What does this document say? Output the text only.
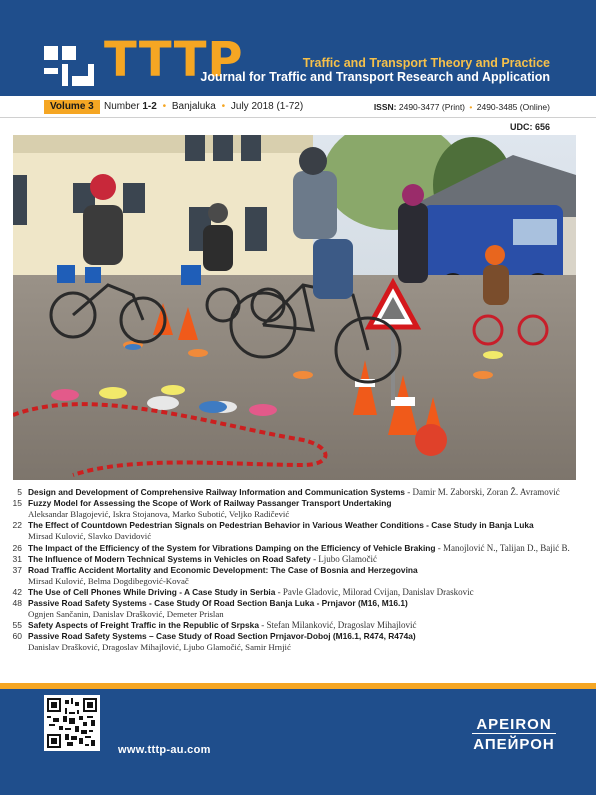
TTTP	Traffic and Transport Theory and Practice
Journal for Traffic and Transport Research and Application
Volume 3	Number 1-2 • Banjaluka • July 2018 (1-72)	ISSN: 2490-3477 (Print) • 2490-3485 (Online)
UDC: 656
5 Design and Development of Comprehensive Railway Information and Communication Systems - Damir M. Zaborski, Zoran Ž. Avramović
15 Fuzzy Model for Assessing the Scope of Work of Railway Passanger Transport Undertaking
Aleksandar Blagojević, Iskra Stojanova, Marko Subotić, Veljko Radičević
22 The Effect of Countdown Pedestrian Signals on Pedestrian Behavior in Various Weather Conditions - Case Study in Banja Luka
Mirsad Kulović, Slavko Davidović
26 The Impact of the Efficiency of the System for Vibrations Damping on the Efficiency of Vehicle Braking - Manojlović N., Talijan D., Bajić B.
31 The Influence of Modern Technical Systems in Vehicles on Road Safety - Ljubo Glamočić
37 Road Traffic Accident Mortality and Economic Development: The Case of Bosnia and Herzegovina
Mirsad Kulović, Belma Dogdibegović-Kovač
42 The Use of Cell Phones While Driving - A Case Study in Serbia - Pavle Gladovic, Milorad Cvijan, Danislav Draskovic
48 Passive Road Safety Systems - Case Study Of Road Section Banja Luka - Prnjavor (M16, M16.1)
Ognjen Sančanin, Danislav Drašković, Demeter Prislan
55 Safety Aspects of Freight Traffic in the Republic of Srpska - Stefan Milanković, Dragoslav Mihajlović
60 Passive Road Safety Systems – Case Study of Road Section Prnjavor-Doboj (M16.1, R474, R474a)
Danislav Drašković, Dragoslav Mihajlović, Ljubo Glamočić, Samir Hrnjić
www.tttp-au.com
APEIRON
АПЕЙРОН
